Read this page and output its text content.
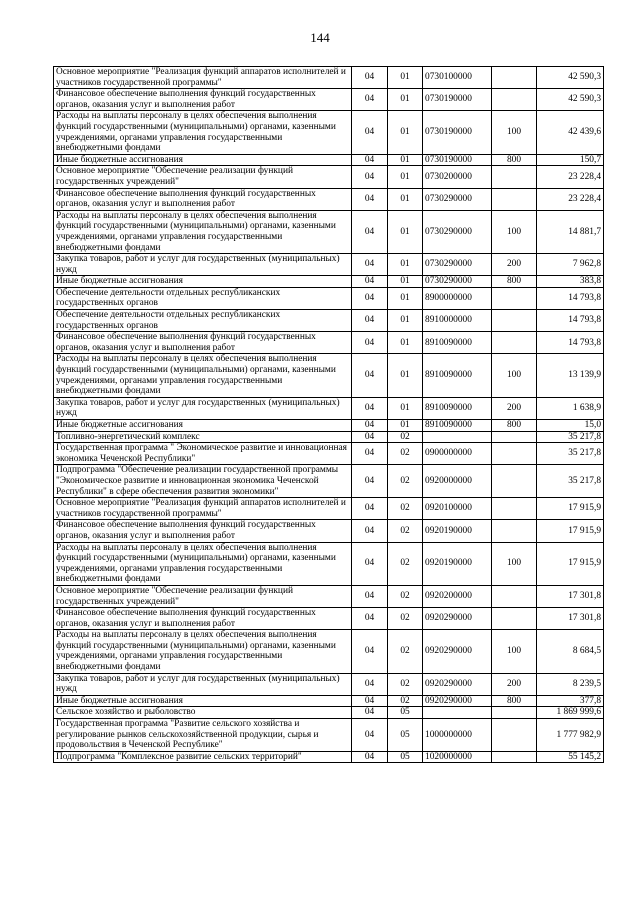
144
Основное мероприятие "Реализация функций аппаратов исполнителей и участников государственной программы"	04	01	0730100000		42 590,3
Финансовое обеспечение выполнения функций государственных органов, оказания услуг и выполнения работ	04	01	0730190000		42 590,3
Расходы на выплаты персоналу в целях обеспечения выполнения функций государственными (муниципальными) органами, казенными учреждениями, органами управления государственными внебюджетными фондами	04	01	0730190000	100	42 439,6
Иные бюджетные ассигнования	04	01	0730190000	800	150,7
Основное мероприятие "Обеспечение реализации функций государственных учреждений"	04	01	0730200000		23 228,4
Финансовое обеспечение выполнения функций государственных органов, оказания услуг и выполнения работ	04	01	0730290000		23 228,4
Расходы на выплаты персоналу в целях обеспечения выполнения функций государственными (муниципальными) органами, казенными учреждениями, органами управления государственными внебюджетными фондами	04	01	0730290000	100	14 881,7
Закупка товаров, работ и услуг для государственных (муниципальных) нужд	04	01	0730290000	200	7 962,8
Иные бюджетные ассигнования	04	01	0730290000	800	383,8
Обеспечение деятельности отдельных республиканских государственных органов	04	01	8900000000		14 793,8
Обеспечение деятельности отдельных республиканских государственных органов	04	01	8910000000		14 793,8
Финансовое обеспечение выполнения функций государственных органов, оказания услуг и выполнения работ	04	01	8910090000		14 793,8
Расходы на выплаты персоналу в целях обеспечения выполнения функций государственными (муниципальными) органами, казенными учреждениями, органами управления государственными внебюджетными фондами	04	01	8910090000	100	13 139,9
Закупка товаров, работ и услуг для государственных (муниципальных) нужд	04	01	8910090000	200	1 638,9
Иные бюджетные ассигнования	04	01	8910090000	800	15,0
Топливно-энергетический комплекс	04	02			35 217,8
Государственная программа " Экономическое развитие и инновационная экономика Чеченской Республики"	04	02	0900000000		35 217,8
Подпрограмма "Обеспечение реализации государственной программы "Экономическое развитие и инновационная экономика Чеченской Республики" в сфере обеспечения развития экономики"	04	02	0920000000		35 217,8
Основное мероприятие "Реализация функций аппаратов исполнителей и участников государственной программы"	04	02	0920100000		17 915,9
Финансовое обеспечение выполнения функций государственных органов, оказания услуг и выполнения работ	04	02	0920190000		17 915,9
Расходы на выплаты персоналу в целях обеспечения выполнения функций государственными (муниципальными) органами, казенными учреждениями, органами управления государственными внебюджетными фондами	04	02	0920190000	100	17 915,9
Основное мероприятие "Обеспечение реализации функций государственных учреждений"	04	02	0920200000		17 301,8
Финансовое обеспечение выполнения функций государственных органов, оказания услуг и выполнения работ	04	02	0920290000		17 301,8
Расходы на выплаты персоналу в целях обеспечения выполнения функций государственными (муниципальными) органами, казенными учреждениями, органами управления государственными внебюджетными фондами	04	02	0920290000	100	8 684,5
Закупка товаров, работ и услуг для государственных (муниципальных) нужд	04	02	0920290000	200	8 239,5
Иные бюджетные ассигнования	04	02	0920290000	800	377,8
Сельское хозяйство и рыболовство	04	05			1 869 999,6
Государственная программа "Развитие сельского хозяйства и регулирование рынков сельскохозяйственной продукции, сырья и продовольствия в Чеченской Республике"	04	05	1000000000		1 777 982,9
Подпрограмма "Комплексное развитие сельских территорий"	04	05	1020000000		55 145,2
